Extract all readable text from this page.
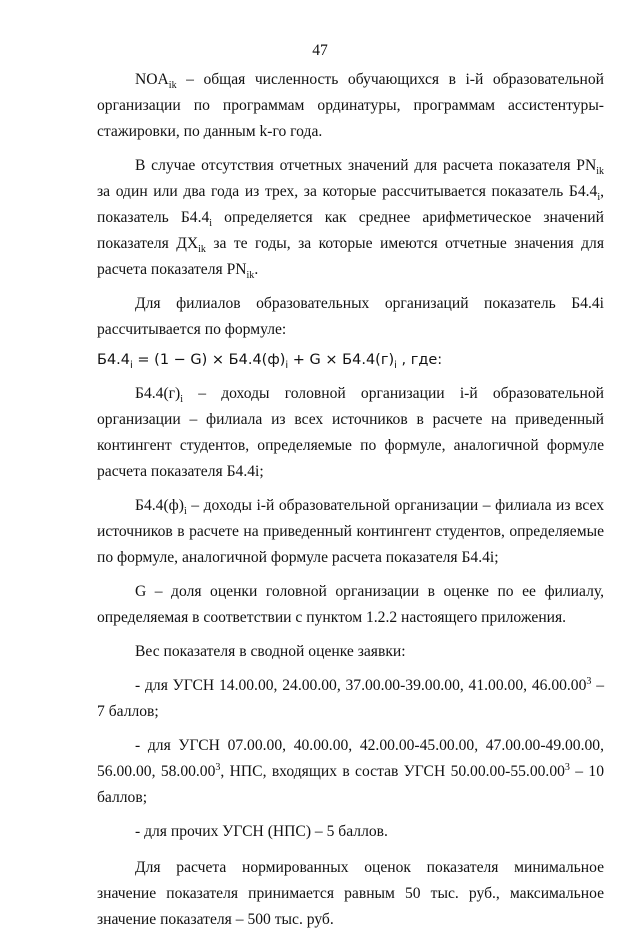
47

$NOA_{ik}$ – общая численность обучающихся в i-й образовательной организации по программам ординатуры, программам ассистентуры-стажировки, по данным k-го года.

В случае отсутствия отчетных значений для расчета показателя $PN_{ik}$ за один или два года из трех, за которые рассчитывается показатель $Б4.4_i$, показатель $Б4.4_i$ определяется как среднее арифметическое значений показателя $ДХ_{ik}$ за те годы, за которые имеются отчетные значения для расчета показателя $PN_{ik}$.

Для филиалов образовательных организаций показатель Б4.4i рассчитывается по формуле:

$Б4.4_i = (1 - G) \times Б4.4(ф)_i + G \times Б4.4(г)_i$ , где:

$Б4.4(г)_i$ – доходы головной организации i-й образовательной организации – филиала из всех источников в расчете на приведенный контингент студентов, определяемые по формуле, аналогичной формуле расчета показателя Б4.4i;

$Б4.4(ф)_i$ – доходы i-й образовательной организации – филиала из всех источников в расчете на приведенный контингент студентов, определяемые по формуле, аналогичной формуле расчета показателя Б4.4i;

G – доля оценки головной организации в оценке по ее филиалу, определяемая в соответствии с пунктом 1.2.2 настоящего приложения.

Вес показателя в сводной оценке заявки:

- для УГСН 14.00.00, 24.00.00, 37.00.00-39.00.00, 41.00.00, 46.00.00$^3$ – 7 баллов;

- для УГСН 07.00.00, 40.00.00, 42.00.00-45.00.00, 47.00.00-49.00.00, 56.00.00, 58.00.00$^3$, НПС, входящих в состав УГСН 50.00.00-55.00.00$^3$ – 10 баллов;

- для прочих УГСН (НПС) – 5 баллов.

Для расчета нормированных оценок показателя минимальное значение показателя принимается равным 50 тыс. руб., максимальное значение показателя – 500 тыс. руб.
